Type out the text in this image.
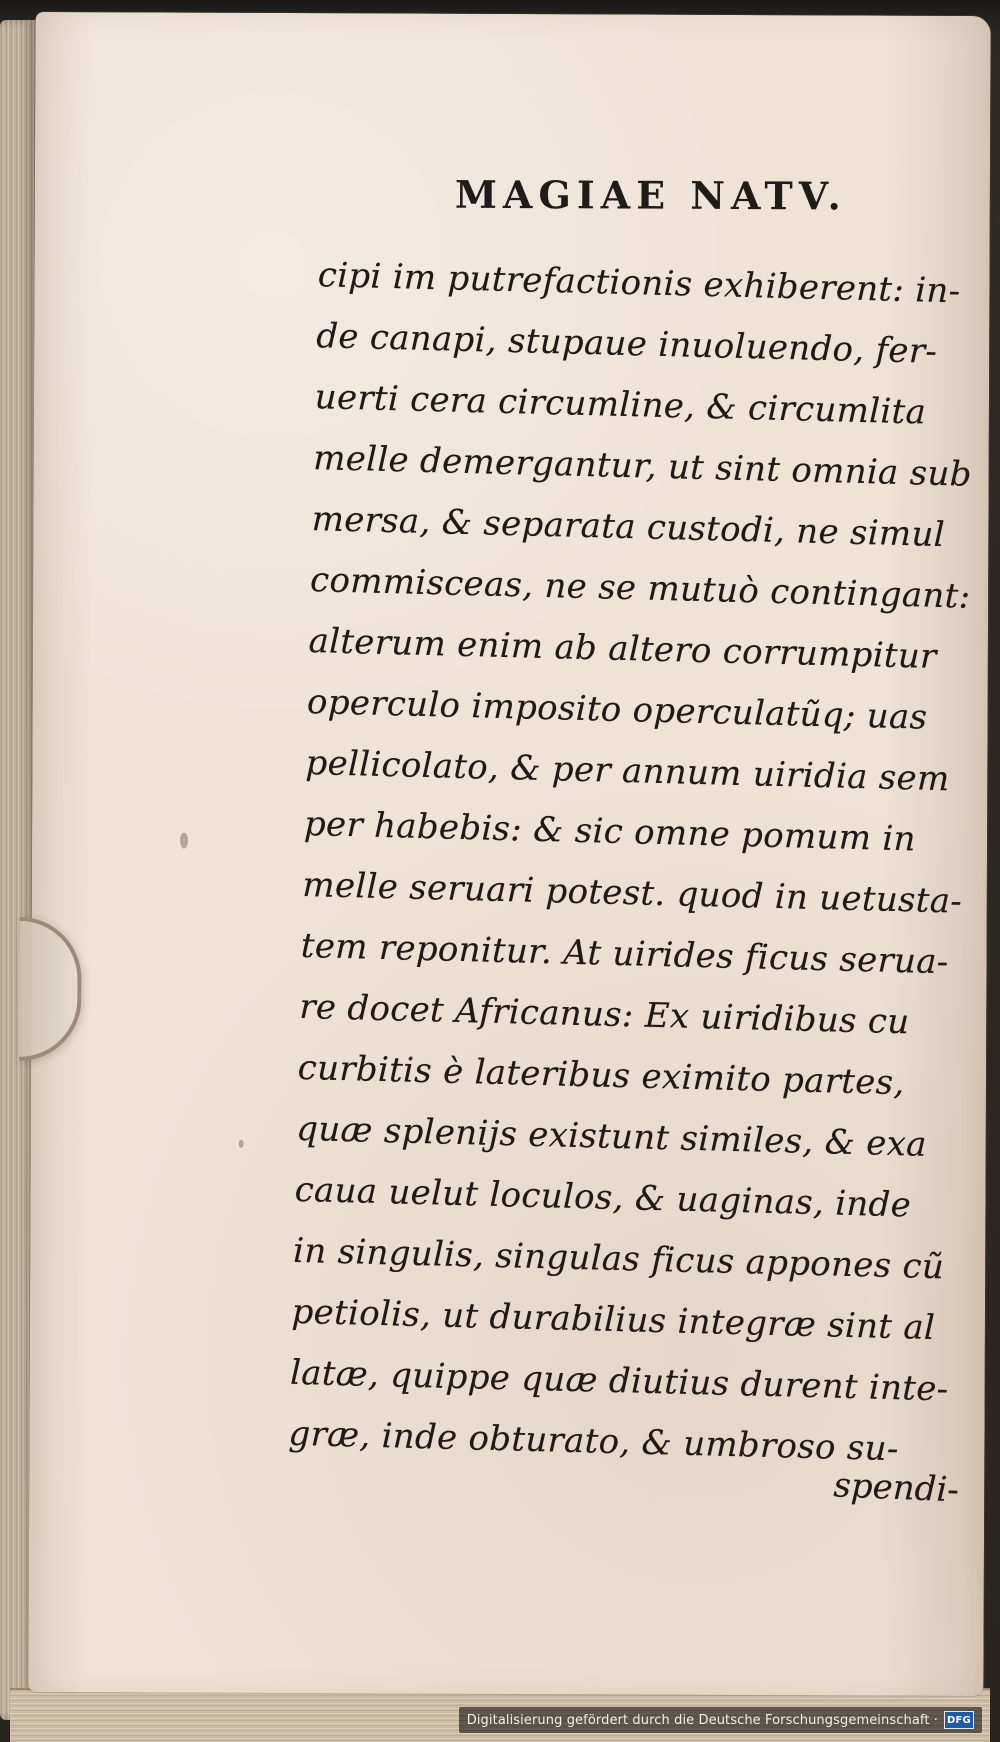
MAGIAE NATV.

cipi im putrefactionis exhiberent: in-

de canapi, stupaue inuoluendo, fer-

uerti cera circumline, & circumlita

melle demergantur, ut sint omnia sub

mersa, & separata custodi, ne simul

commisceas, ne se mutuò contingant:

alterum enim ab altero corrumpitur

operculo imposito operculatũq; uas

pellicolato, & per annum uiridia sem

per habebis: & sic omne pomum in

melle seruari potest. quod in uetusta-

tem reponitur. At uirides ficus serua-

re docet Africanus: Ex uiridibus cu

curbitis è lateribus eximito partes,

quæ splenijs existunt similes, & exa

caua uelut loculos, & uaginas, inde

in singulis, singulas ficus appones cũ

petiolis, ut durabilius integræ sint al

latæ, quippe quæ diutius durent inte-

græ, inde obturato, & umbroso su-

spendi-
Digitalisierung gefördert durch die Deutsche Forschungsgemeinschaft · DFG
